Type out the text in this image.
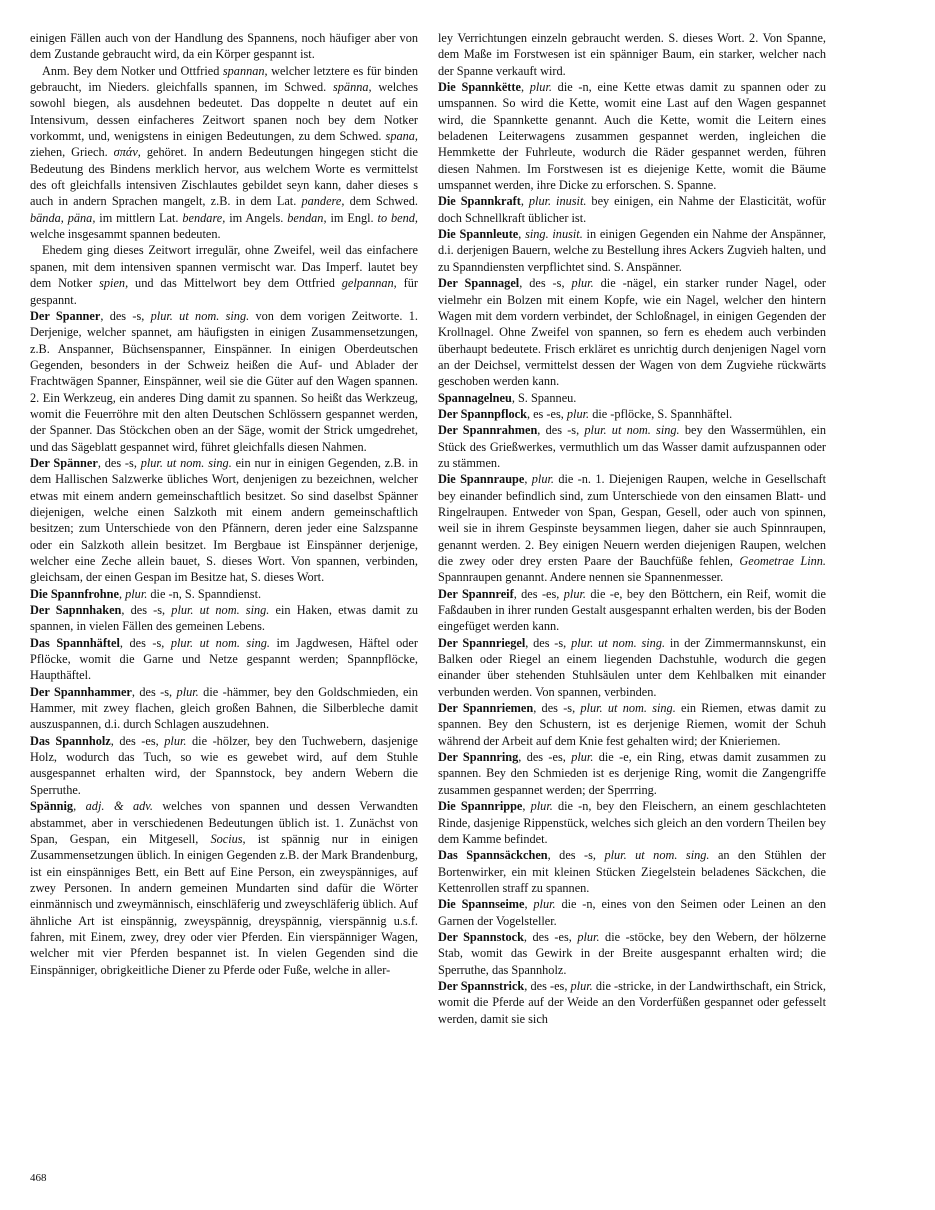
einigen Fällen auch von der Handlung des Spannens, noch häufiger aber von dem Zustande gebraucht wird, da ein Körper gespannt ist.

Anm. Bey dem Notker und Ottfried spannan, welcher letztere es für binden gebraucht, im Nieders. gleichfalls spannen, im Schwed. spänna, welches sowohl biegen, als ausdehnen bedeutet. Das doppelte n deutet auf ein Intensivum, dessen einfacheres Zeitwort spanen noch bey dem Notker vorkommt, und, wenigstens in einigen Bedeutungen, zu dem Schwed. spana, ziehen, Griech. σπάν, gehöret. In andern Bedeutungen hingegen sticht die Bedeutung des Bindens merklich hervor, aus welchem Worte es vermittelst des oft gleichfalls intensiven Zischlautes gebildet seyn kann, daher dieses s auch in andern Sprachen mangelt, z.B. in dem Lat. pandere, dem Schwed. bända, päna, im mittlern Lat. bendare, im Angels. bendan, im Engl. to bend, welche insgesammt spannen bedeuten.

Ehedem ging dieses Zeitwort irregulär, ohne Zweifel, weil das einfachere spanen, mit dem intensiven spannen vermischt war. Das Imperf. lautet bey dem Notker spien, und das Mittelwort bey dem Ottfried gelpannan, für gespannt.

Der Spanner, des -s, plur. ut nom. sing. von dem vorigen Zeitworte. 1. Derjenige, welcher spannet, am häufigsten in einigen Zusammensetzungen, z.B. Anspanner, Büchsenspanner, Einspänner. In einigen Oberdeutschen Gegenden, besonders in der Schweiz heißen die Auf- und Ablader der Frachtwägen Spanner, Einspänner, weil sie die Güter auf den Wagen spannen. 2. Ein Werkzeug, ein anderes Ding damit zu spannen. So heißt das Werkzeug, womit die Feuerröhre mit den alten Deutschen Schlössern gespannet werden, der Spanner. Das Stöckchen oben an der Säge, womit der Strick umgedrehet, und das Sägeblatt gespannet wird, führet gleichfalls diesen Nahmen.

Der Spänner, des -s, plur. ut nom. sing. ein nur in einigen Gegenden, z.B. in dem Hallischen Salzwerke übliches Wort, denjenigen zu bezeichnen, welcher etwas mit einem andern gemeinschaftlich besitzet. So sind daselbst Spänner diejenigen, welche einen Salzkoth mit einem andern gemeinschaftlich besitzen; zum Unterschiede von den Pfännern, deren jeder eine Salzspanne oder ein Salzkoth allein besitzet. Im Bergbaue ist Einspänner derjenige, welcher eine Zeche allein bauet, S. dieses Wort. Von spannen, verbinden, gleichsam, der einen Gespan im Besitze hat, S. dieses Wort.

Die Spannfrohne, plur. die -n, S. Spanndienst.

Der Sapnnhaken, des -s, plur. ut nom. sing. ein Haken, etwas damit zu spannen, in vielen Fällen des gemeinen Lebens.

Das Spannhäftel, des -s, plur. ut nom. sing. im Jagdwesen, Häftel oder Pflöcke, womit die Garne und Netze gespannt werden; Spannpflöcke, Haupthäftel.

Der Spannhammer, des -s, plur. die -hämmer, bey den Goldschmieden, ein Hammer, mit zwey flachen, gleich großen Bahnen, die Silberbleche damit auszuspannen, d.i. durch Schlagen auszudehnen.

Das Spannholz, des -es, plur. die -hölzer, bey den Tuchwebern, dasjenige Holz, wodurch das Tuch, so wie es gewebet wird, auf dem Stuhle ausgespannet erhalten wird, der Spannstock, bey andern Webern die Sperruthe.

Spännig, adj. & adv. welches von spannen und dessen Verwandten abstammet, aber in verschiedenen Bedeutungen üblich ist. 1. Zunächst von Span, Gespan, ein Mitgesell, Socius, ist spännig nur in einigen Zusammensetzungen üblich. In einigen Gegenden z.B. der Mark Brandenburg, ist ein einspänniges Bett, ein Bett auf Eine Person, ein zweyspänniges, auf zwey Personen. In andern gemeinen Mundarten sind dafür die Wörter einmännisch und zweymännisch, einschläferig und zweyschläferig üblich. Auf ähnliche Art ist einspännig, zweyspännig, dreyspännig, vierspännig u.s.f. fahren, mit Einem, zwey, drey oder vier Pferden. Ein vierspänniger Wagen, welcher mit vier Pferden bespannet ist. In vielen Gegenden sind die Einspänniger, obrigkeitliche Diener zu Pferde oder Fuße, welche in aller-

ley Verrichtungen einzeln gebraucht werden. S. dieses Wort. 2. Von Spanne, dem Maße im Forstwesen ist ein spänniger Baum, ein starker, welcher nach der Spanne verkauft wird.

Die Spannkëtte, plur. die -n, eine Kette etwas damit zu spannen oder zu umspannen. So wird die Kette, womit eine Last auf den Wagen gespannet wird, die Spannkette genannt. Auch die Kette, womit die Leitern eines beladenen Leiterwagens zusammen gespannet werden, ingleichen die Hemmkette der Fuhrleute, wodurch die Räder gespannet werden, führen diesen Nahmen. Im Forstwesen ist es diejenige Kette, womit die Bäume umspannet werden, ihre Dicke zu erforschen. S. Spanne.

Die Spannkraft, plur. inusit. bey einigen, ein Nahme der Elasticität, wofür doch Schnellkraft üblicher ist.

Die Spannleute, sing. inusit. in einigen Gegenden ein Nahme der Anspänner, d.i. derjenigen Bauern, welche zu Bestellung ihres Ackers Zugvieh halten, und zu Spanndiensten verpflichtet sind. S. Anspänner.

Der Spannagel, des -s, plur. die -nägel, ein starker runder Nagel, oder vielmehr ein Bolzen mit einem Kopfe, wie ein Nagel, welcher den hintern Wagen mit dem vordern verbindet, der Schloßnagel, in einigen Gegenden der Krollnagel. Ohne Zweifel von spannen, so fern es ehedem auch verbinden überhaupt bedeutete. Frisch erkläret es unrichtig durch denjenigen Nagel vorn an der Deichsel, vermittelst dessen der Wagen von dem Zugviehe rückwärts geschoben werden kann.

Spannagelneu, S. Spanneu.

Der Spannpflock, es -es, plur. die -pflöcke, S. Spannhäftel.

Der Spannrahmen, des -s, plur. ut nom. sing. bey den Wassermühlen, ein Stück des Grießwerkes, vermuthlich um das Wasser damit aufzuspannen oder zu stämmen.

Die Spannraupe, plur. die -n. 1. Diejenigen Raupen, welche in Gesellschaft bey einander befindlich sind, zum Unterschiede von den einsamen Blatt- und Ringelraupen. Entweder von Span, Gespan, Gesell, oder auch von spinnen, weil sie in ihrem Gespinste beysammen liegen, daher sie auch Spinnraupen, genannt werden. 2. Bey einigen Neuern werden diejenigen Raupen, welchen die zwey oder drey ersten Paare der Bauchfüße fehlen, Geometrae Linn. Spannraupen genannt. Andere nennen sie Spannenmesser.

Der Spannreif, des -es, plur. die -e, bey den Böttchern, ein Reif, womit die Faßdauben in ihrer runden Gestalt ausgespannt erhalten werden, bis der Boden eingefüget werden kann.

Der Spannriegel, des -s, plur. ut nom. sing. in der Zimmermannskunst, ein Balken oder Riegel an einem liegenden Dachstuhle, wodurch die gegen einander über stehenden Stuhlsäulen unter dem Kehlbalken mit einander verbunden werden. Von spannen, verbinden.

Der Spannriemen, des -s, plur. ut nom. sing. ein Riemen, etwas damit zu spannen. Bey den Schustern, ist es derjenige Riemen, womit der Schuh während der Arbeit auf dem Knie fest gehalten wird; der Knieriemen.

Der Spannring, des -es, plur. die -e, ein Ring, etwas damit zusammen zu spannen. Bey den Schmieden ist es derjenige Ring, womit die Zangengriffe zusammen gespannet werden; der Sperrring.

Die Spannrippe, plur. die -n, bey den Fleischern, an einem geschlachteten Rinde, dasjenige Rippenstück, welches sich gleich an den vordern Theilen bey dem Kamme befindet.

Das Spannsäckchen, des -s, plur. ut nom. sing. an den Stühlen der Bortenwirker, ein mit kleinen Stücken Ziegelstein beladenes Säckchen, die Kettenrollen straff zu spannen.

Die Spannseime, plur. die -n, eines von den Seimen oder Leinen an den Garnen der Vogelsteller.

Der Spannstock, des -es, plur. die -stöcke, bey den Webern, der hölzerne Stab, womit das Gewirk in der Breite ausgespannt erhalten wird; die Sperruthe, das Spannholz.

Der Spannstrick, des -es, plur. die -stricke, in der Landwirthschaft, ein Strick, womit die Pferde auf der Weide an den Vorderfüßen gespannet oder gefesselt werden, damit sie sich

468
